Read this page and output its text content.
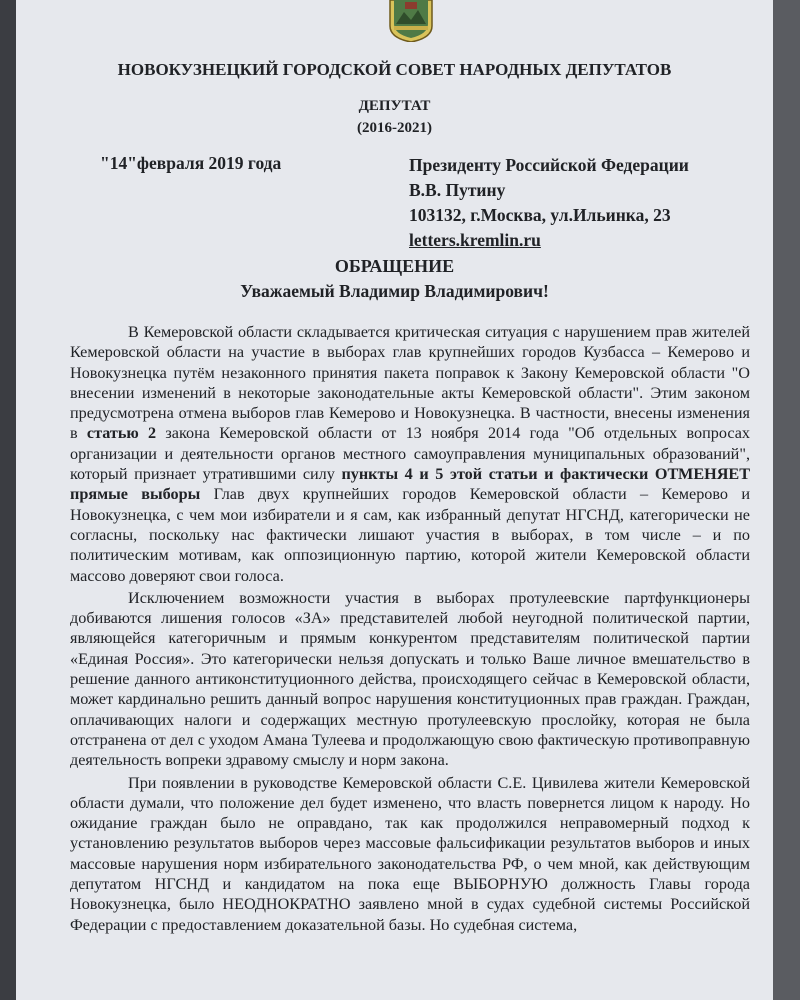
НОВОКУЗНЕЦКИЙ ГОРОДСКОЙ СОВЕТ НАРОДНЫХ ДЕПУТАТОВ
ДЕПУТАТ
(2016-2021)
"14"февраля 2019 года	Президенту Российской Федерации
В.В. Путину
103132, г.Москва, ул.Ильинка, 23
letters.kremlin.ru
ОБРАЩЕНИЕ
Уважаемый Владимир Владимирович!

В Кемеровской области складывается критическая ситуация с нарушением прав жителей Кемеровской области на участие в выборах глав крупнейших городов Кузбасса – Кемерово и Новокузнецка путём незаконного принятия пакета поправок к Закону Кемеровской области "О внесении изменений в некоторые законодательные акты Кемеровской области". Этим законом предусмотрена отмена выборов глав Кемерово и Новокузнецка. В частности, внесены изменения в статью 2 закона Кемеровской области от 13 ноября 2014 года "Об отдельных вопросах организации и деятельности органов местного самоуправления муниципальных образований", который признает утратившими силу пункты 4 и 5 этой статьи и фактически ОТМЕНЯЕТ прямые выборы Глав двух крупнейших городов Кемеровской области – Кемерово и Новокузнецка, с чем мои избиратели и я сам, как избранный депутат НГСНД, категорически не согласны, поскольку нас фактически лишают участия в выборах, в том числе – и по политическим мотивам, как оппозиционную партию, которой жители Кемеровской области массово доверяют свои голоса.

Исключением возможности участия в выборах протулеевские партфункционеры добиваются лишения голосов «ЗА» представителей любой неугодной политической партии, являющейся категоричным и прямым конкурентом представителям политической партии «Единая Россия». Это категорически нельзя допускать и только Ваше личное вмешательство в решение данного антиконституционного действа, происходящего сейчас в Кемеровской области, может кардинально решить данный вопрос нарушения конституционных прав граждан. Граждан, оплачивающих налоги и содержащих местную протулеевскую прослойку, которая не была отстранена от дел с уходом Амана Тулеева и продолжающую свою фактическую противоправную деятельность вопреки здравому смыслу и норм закона.

При появлении в руководстве Кемеровской области С.Е. Цивилева жители Кемеровской области думали, что положение дел будет изменено, что власть повернется лицом к народу. Но ожидание граждан было не оправдано, так как продолжился неправомерный подход к установлению результатов выборов через массовые фальсификации результатов выборов и иных массовые нарушения норм избирательного законодательства РФ, о чем мной, как действующим депутатом НГСНД и кандидатом на пока еще ВЫБОРНУЮ должность Главы города Новокузнецка, было НЕОДНОКРАТНО заявлено мной в судах судебной системы Российской Федерации с предоставлением доказательной базы. Но судебная система,
